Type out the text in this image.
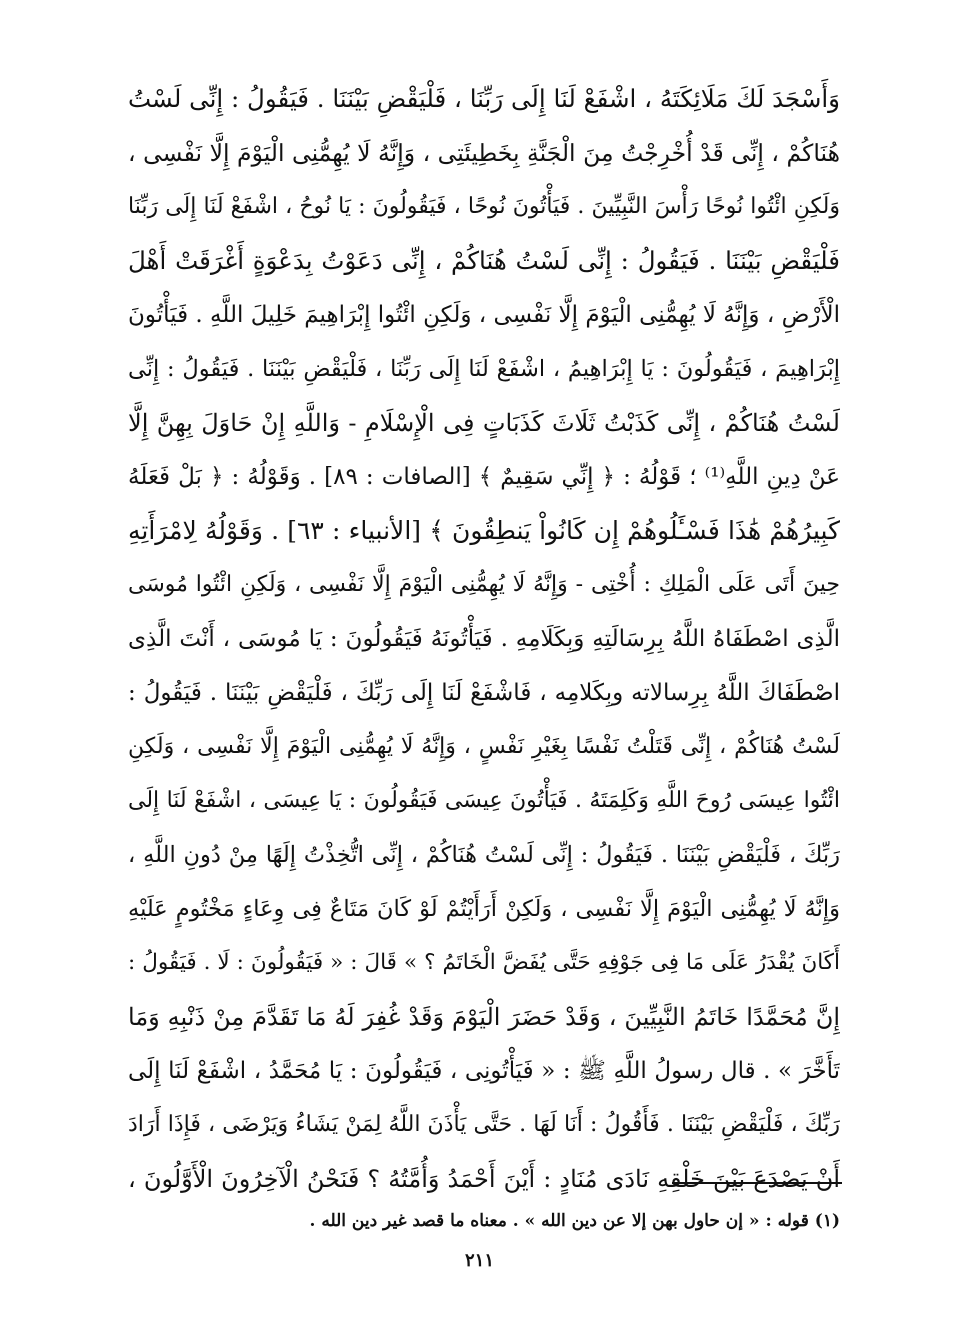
وَأَسْجَدَ لَكَ مَلَائِكَتَهُ ، اشْفَعْ لَنَا إِلَى رَبِّنَا ، فَلْيَقْضِ بَيْنَنَا . فَيَقُولُ : إِنِّى لَسْتُ
هُنَاكُمْ ، إِنِّى قَدْ أُخْرِجْتُ مِنَ الْجَنَّةِ بِخَطِيئَتِى ، وَإِنَّهُ لَا يُهِمُّنِى الْيَوْمَ إِلَّا نَفْسِى ،
وَلَكِنِ ائْتُوا نُوحًا رَأْسَ النَّبِيِّينَ . فَيَأْتُونَ نُوحًا ، فَيَقُولُونَ : يَا نُوحُ ، اشْفَعْ لَنَا إِلَى رَبِّنَا
فَلْيَقْضِ بَيْنَنَا . فَيَقُولُ : إِنِّى لَسْتُ هُنَاكُمْ ، إِنِّى دَعَوْتُ بِدَعْوَةٍ أَغْرَقَتْ أَهْلَ
الْأَرْضِ ، وَإِنَّهُ لَا يُهِمُّنِى الْيَوْمَ إِلَّا نَفْسِى ، وَلَكِنِ ائْتُوا إِبْرَاهِيمَ خَلِيلَ اللَّهِ . فَيَأْتُونَ
إِبْرَاهِيمَ ، فَيَقُولُونَ : يَا إِبْرَاهِيمُ ، اشْفَعْ لَنَا إِلَى رَبِّنَا ، فَلْيَقْضِ بَيْنَنَا . فَيَقُولُ : إِنِّى
لَسْتُ هُنَاكُمْ ، إِنِّى كَذَبْتُ ثَلَاثَ كَذَبَاتٍ فِى الْإِسْلَامِ - وَاللَّهِ إِنْ حَاوَلَ بِهِنَّ إِلَّا
عَنْ دِينِ اللَّهِ⁽¹⁾ ؛ قَوْلُهُ : ﴿ إِنِّي سَقِيمٌ ﴾ [الصافات : ٨٩] . وَقَوْلُهُ : ﴿ بَلْ فَعَلَهُ
كَبِيرُهُمْ هَٰذَا فَسْـَٔلُوهُمْ إِن كَانُواْ يَنطِقُونَ ﴾ [الأنبياء : ٦٣] . وَقَوْلُهُ لِامْرَأَتِهِ
حِينَ أَتَى عَلَى الْمَلِكِ : أُخْتِى - وَإِنَّهُ لَا يُهِمُّنِى الْيَوْمَ إِلَّا نَفْسِى ، وَلَكِنِ ائْتُوا مُوسَى
الَّذِى اصْطَفَاهُ اللَّهُ بِرِسَالَتِهِ وَبِكَلَامِهِ . فَيَأْتُونَهُ فَيَقُولُونَ : يَا مُوسَى ، أَنْتَ الَّذِى
اصْطَفَاكَ اللَّهُ بِرِسالاته وبِكَلامِه ، فَاشْفَعْ لَنَا إِلَى رَبِّكَ ، فَلْيَقْضِ بَيْنَنَا . فَيَقُولُ :
لَسْتُ هُنَاكُمْ ، إِنِّى قَتَلْتُ نَفْسًا بِغَيْرِ نَفْسٍ ، وَإِنَّهُ لَا يُهِمُّنِى الْيَوْمَ إِلَّا نَفْسِى ، وَلَكِنِ
ائْتُوا عِيسَى رُوحَ اللَّهِ وَكَلِمَتَهُ . فَيَأْتُونَ عِيسَى فَيَقُولُونَ : يَا عِيسَى ، اشْفَعْ لَنَا إِلَى
رَبِّكَ ، فَلْيَقْضِ بَيْنَنَا . فَيَقُولُ : إِنِّى لَسْتُ هُنَاكُمْ ، إِنِّى اتُّخِذْتُ إِلَهًا مِنْ دُونِ اللَّهِ ،
وَإِنَّهُ لَا يُهِمُّنِى الْيَوْمَ إِلَّا نَفْسِى ، وَلَكِنْ أَرَأَيْتُمْ لَوْ كَانَ مَتَاعٌ فِى وِعَاءٍ مَخْتُومٍ عَلَيْهِ
أَكَانَ يُقْدَرُ عَلَى مَا فِى جَوْفِهِ حَتَّى يُفَضَّ الْخَاتَمُ ؟ » قَالَ : « فَيَقُولُونَ : لَا . فَيَقُولُ :
إِنَّ مُحَمَّدًا خَاتَمُ النَّبِيِّينَ ، وَقَدْ حَضَرَ الْيَوْمَ وَقَدْ غُفِرَ لَهُ مَا تَقَدَّمَ مِنْ ذَنْبِهِ وَمَا
تَأَخَّرَ » . قال رسولُ اللَّهِ ﷺ : « فَيَأْتُونِى ، فَيَقُولُونَ : يَا مُحَمَّدُ ، اشْفَعْ لَنَا إِلَى
رَبِّكَ ، فَلْيَقْضِ بَيْنَنَا . فَأَقُولُ : أَنَا لَهَا . حَتَّى يَأْذَنَ اللَّهُ لِمَنْ يَشَاءُ وَيَرْضَى ، فَإِذَا أَرَادَ
أَنْ يَصْدَعَ بَيْنَ خَلْقِهِ نَادَى مُنَادٍ : أَيْنَ أَحْمَدُ وَأُمَّتُهُ ؟ فَنَحْنُ الْآخِرُونَ الْأَوَّلُونَ ،
(١) قوله : « إن حاول بهن إلا عن دين الله » . معناه ما قصد غير دين الله .
٢١١
